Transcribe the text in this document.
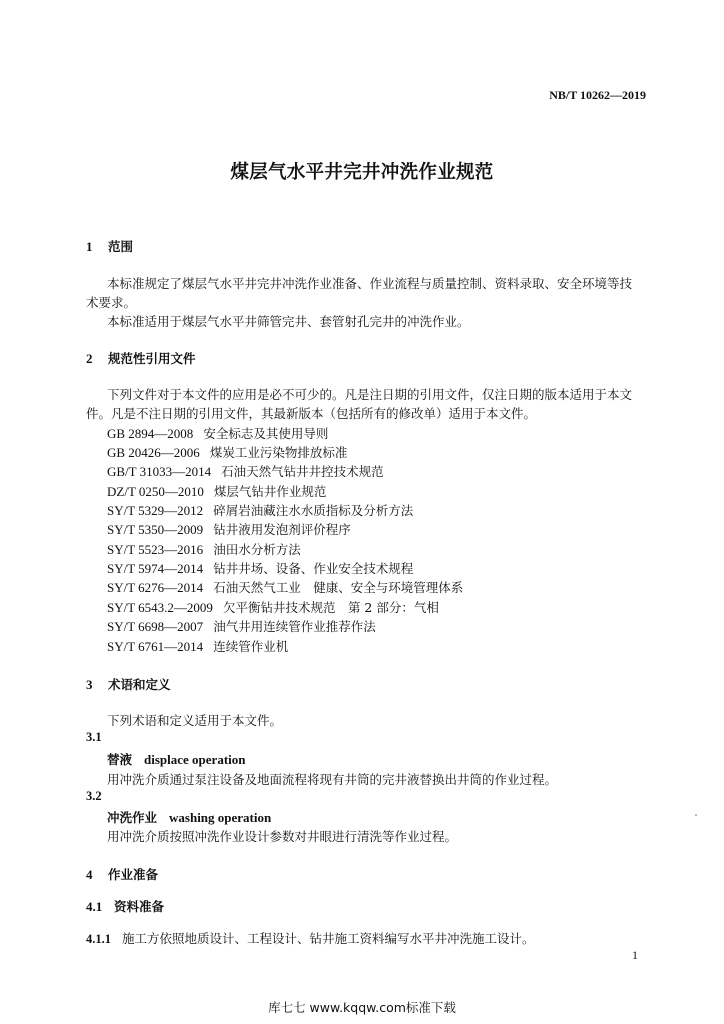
NB/T 10262—2019
煤层气水平井完井冲洗作业规范
1 范围
本标准规定了煤层气水平井完井冲洗作业准备、作业流程与质量控制、资料录取、安全环境等技
术要求。
本标准适用于煤层气水平井筛管完井、套管射孔完井的冲洗作业。
2 规范性引用文件
下列文件对于本文件的应用是必不可少的。凡是注日期的引用文件，仅注日期的版本适用于本文
件。凡是不注日期的引用文件，其最新版本（包括所有的修改单）适用于本文件。
GB 2894—2008 安全标志及其使用导则
GB 20426—2006 煤炭工业污染物排放标准
GB/T 31033—2014 石油天然气钻井井控技术规范
DZ/T 0250—2010 煤层气钻井作业规范
SY/T 5329—2012 碎屑岩油藏注水水质指标及分析方法
SY/T 5350—2009 钻井液用发泡剂评价程序
SY/T 5523—2016 油田水分析方法
SY/T 5974—2014 钻井井场、设备、作业安全技术规程
SY/T 6276—2014 石油天然气工业　健康、安全与环境管理体系
SY/T 6543.2—2009 欠平衡钻井技术规范　第 2 部分：气相
SY/T 6698—2007 油气井用连续管作业推荐作法
SY/T 6761—2014 连续管作业机
3 术语和定义
下列术语和定义适用于本文件。
3.1
替液 displace operation
用冲洗介质通过泵注设备及地面流程将现有井筒的完井液替换出井筒的作业过程。
3.2
冲洗作业 washing operation
用冲洗介质按照冲洗作业设计参数对井眼进行清洗等作业过程。
4 作业准备
4.1 资料准备
4.1.1 施工方依照地质设计、工程设计、钻井施工资料编写水平井冲洗施工设计。
1
库七七 www.kqqw.com标准下载
